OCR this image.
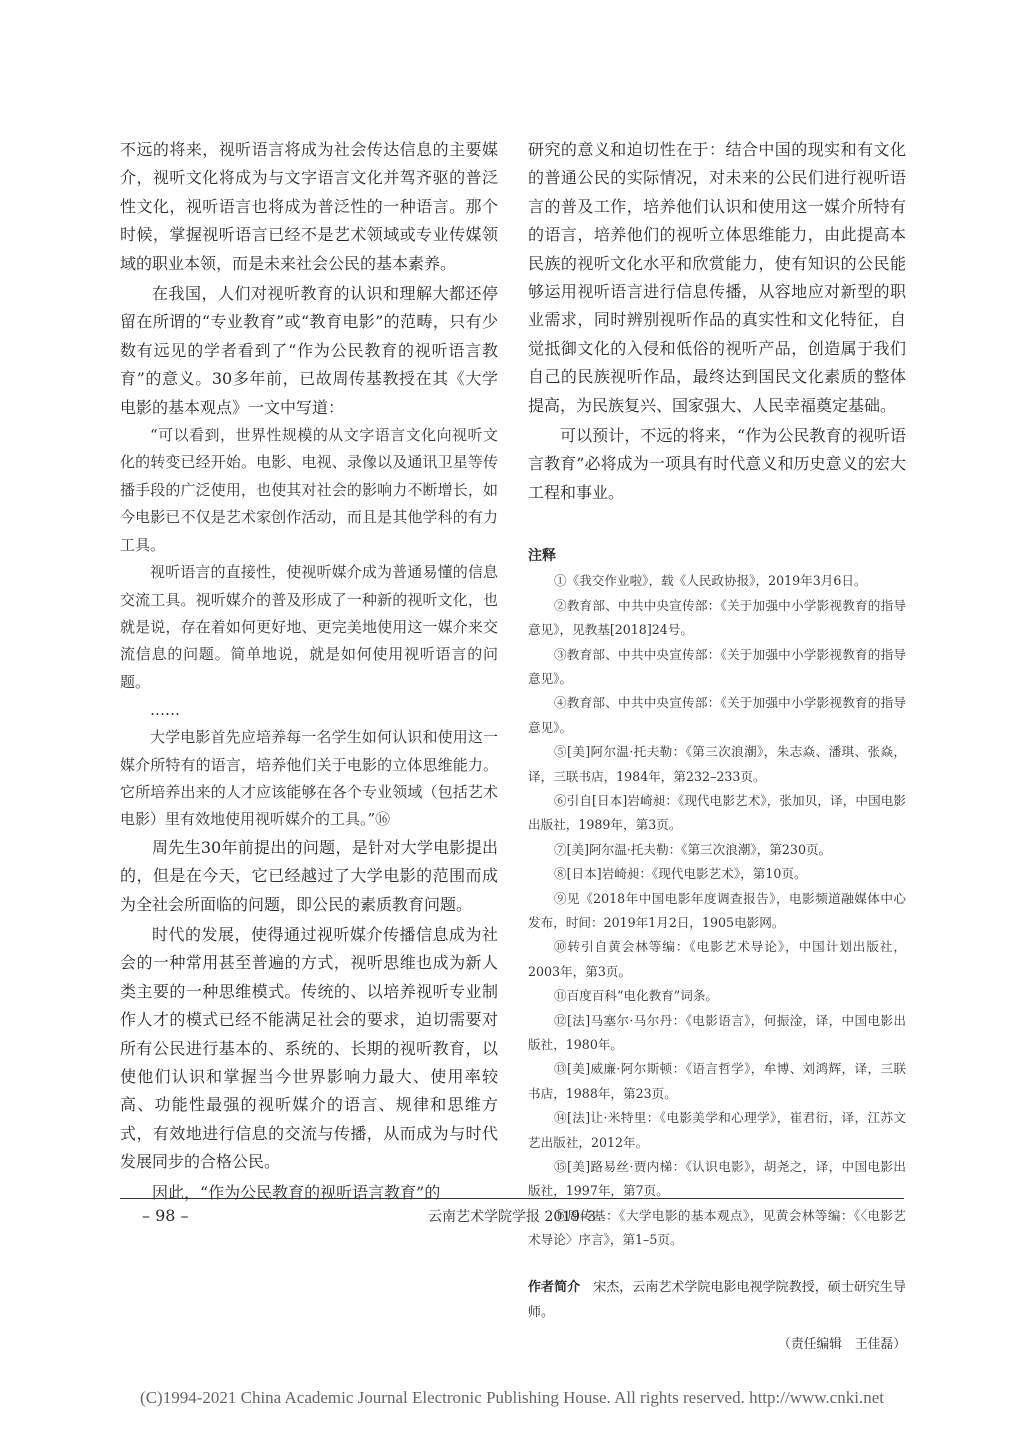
不远的将来，视听语言将成为社会传达信息的主要媒介，视听文化将成为与文字语言文化并驾齐驱的普泛性文化，视听语言也将成为普泛性的一种语言。那个时候，掌握视听语言已经不是艺术领域或专业传媒领域的职业本领，而是未来社会公民的基本素养。

在我国，人们对视听教育的认识和理解大都还停留在所谓的“专业教育”或“教育电影”的范畴，只有少数有远见的学者看到了“作为公民教育的视听语言教育”的意义。30多年前，已故周传基教授在其《大学电影的基本观点》一文中写道：

“可以看到，世界性规模的从文字语言文化向视听文化的转变已经开始。电影、电视、录像以及通讯卫星等传播手段的广泛使用，也使其对社会的影响力不断增长，如今电影已不仅是艺术家创作活动，而且是其他学科的有力工具。

视听语言的直接性，使视听媒介成为普通易懂的信息交流工具。视听媒介的普及形成了一种新的视听文化，也就是说，存在着如何更好地、更完美地使用这一媒介来交流信息的问题。简单地说，就是如何使用视听语言的问题。

……

大学电影首先应培养每一名学生如何认识和使用这一媒介所特有的语言，培养他们关于电影的立体思维能力。它所培养出来的人才应该能够在各个专业领域（包括艺术电影）里有效地使用视听媒介的工具。”⑯

周先生30年前提出的问题，是针对大学电影提出的，但是在今天，它已经越过了大学电影的范围而成为全社会所面临的问题，即公民的素质教育问题。

时代的发展，使得通过视听媒介传播信息成为社会的一种常用甚至普遍的方式，视听思维也成为新人类主要的一种思维模式。传统的、以培养视听专业制作人才的模式已经不能满足社会的要求，迫切需要对所有公民进行基本的、系统的、长期的视听教育，以使他们认识和掌握当今世界影响力最大、使用率较高、功能性最强的视听媒介的语言、规律和思维方式，有效地进行信息的交流与传播，从而成为与时代发展同步的合格公民。

因此，“作为公民教育的视听语言教育”的

研究的意义和迫切性在于：结合中国的现实和有文化的普通公民的实际情况，对未来的公民们进行视听语言的普及工作，培养他们认识和使用这一媒介所特有的语言，培养他们的视听立体思维能力，由此提高本民族的视听文化水平和欣赏能力，使有知识的公民能够运用视听语言进行信息传播，从容地应对新型的职业需求，同时辨别视听作品的真实性和文化特征，自觉抵御文化的入侵和低俗的视听产品，创造属于我们自己的民族视听作品，最终达到国民文化素质的整体提高，为民族复兴、国家强大、人民幸福奠定基础。

可以预计，不远的将来，“作为公民教育的视听语言教育”必将成为一项具有时代意义和历史意义的宏大工程和事业。

注释

①《我交作业啦》，载《人民政协报》，2019年3月6日。

②教育部、中共中央宣传部：《关于加强中小学影视教育的指导意见》，见教基[2018]24号。

③教育部、中共中央宣传部：《关于加强中小学影视教育的指导意见》。

④教育部、中共中央宣传部：《关于加强中小学影视教育的指导意见》。

⑤[美]阿尔温·托夫勒：《第三次浪潮》，朱志焱、潘琪、张焱，译，三联书店，1984年，第232–233页。

⑥引自[日本]岩崎昶：《现代电影艺术》，张加贝，译，中国电影出版社，1989年，第3页。

⑦[美]阿尔温·托夫勒：《第三次浪潮》，第230页。

⑧[日本]岩崎昶：《现代电影艺术》，第10页。

⑨见《2018年中国电影年度调查报告》，电影频道融媒体中心发布，时间：2019年1月2日，1905电影网。

⑩转引自黄会林等编：《电影艺术导论》，中国计划出版社，2003年，第3页。

⑪百度百科“电化教育”词条。

⑫[法]马塞尔·马尔丹：《电影语言》，何振淦，译，中国电影出版社，1980年。

⑬[美]威廉·阿尔斯顿：《语言哲学》，牟博、刘鸿辉，译，三联书店，1988年，第23页。

⑭[法]让·米特里：《电影美学和心理学》，崔君衍，译，江苏文艺出版社，2012年。

⑮[美]路易丝·贾内梯：《认识电影》，胡尧之，译，中国电影出版社，1997年，第7页。

⑯周传基：《大学电影的基本观点》，见黄会林等编：《〈电影艺术导论〉序言》，第1–5页。

作者简介　 宋杰，云南艺术学院电影电视学院教授，硕士研究生导师。

（责任编辑　王佳磊）

– 98 –	云南艺术学院学报 2019–3
(C)1994-2021 China Academic Journal Electronic Publishing House. All rights reserved. http://www.cnki.net
